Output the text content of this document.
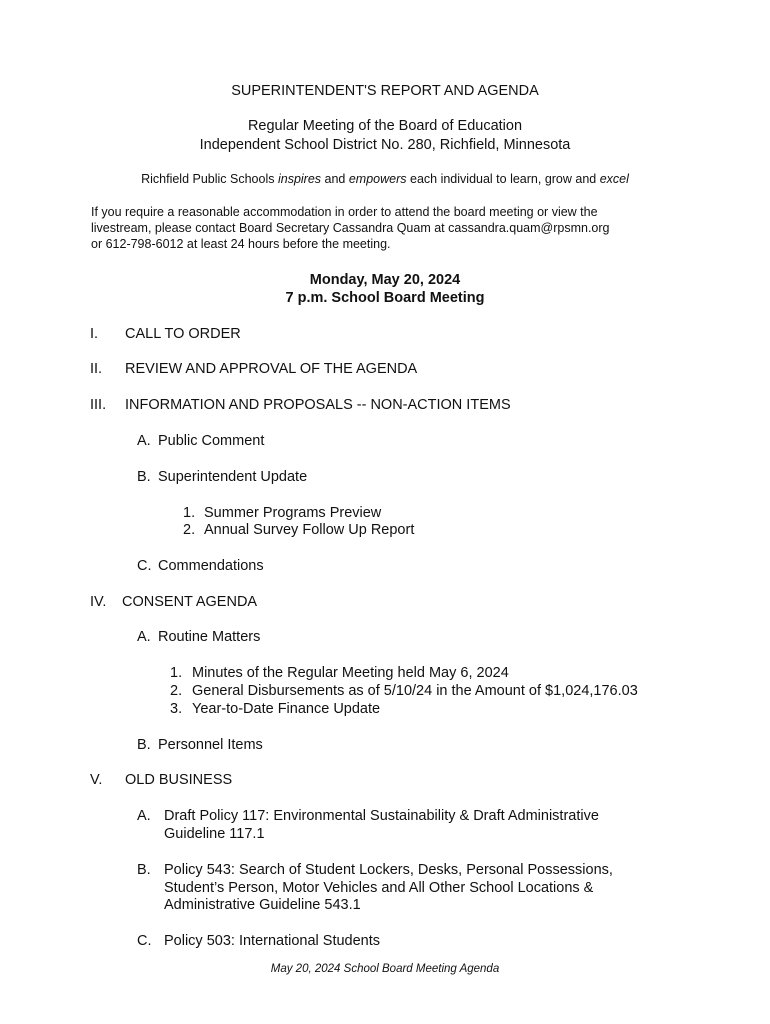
SUPERINTENDENT'S REPORT AND AGENDA
Regular Meeting of the Board of Education
Independent School District No. 280, Richfield, Minnesota
Richfield Public Schools inspires and empowers each individual to learn, grow and excel
If you require a reasonable accommodation in order to attend the board meeting or view the
livestream, please contact Board Secretary Cassandra Quam at cassandra.quam@rpsmn.org
or 612-798-6012 at least 24 hours before the meeting.
Monday, May 20, 2024
7 p.m. School Board Meeting
I. CALL TO ORDER
II. REVIEW AND APPROVAL OF THE AGENDA
III. INFORMATION AND PROPOSALS -- NON-ACTION ITEMS
A. Public Comment
B. Superintendent Update
1. Summer Programs Preview
2. Annual Survey Follow Up Report
C. Commendations
IV. CONSENT AGENDA
A. Routine Matters
1. Minutes of the Regular Meeting held May 6, 2024
2. General Disbursements as of 5/10/24 in the Amount of $1,024,176.03
3. Year-to-Date Finance Update
B. Personnel Items
V. OLD BUSINESS
A. Draft Policy 117: Environmental Sustainability & Draft Administrative
Guideline 117.1
B. Policy 543: Search of Student Lockers, Desks, Personal Possessions,
Student’s Person, Motor Vehicles and All Other School Locations &
Administrative Guideline 543.1
C. Policy 503: International Students
May 20, 2024 School Board Meeting Agenda
